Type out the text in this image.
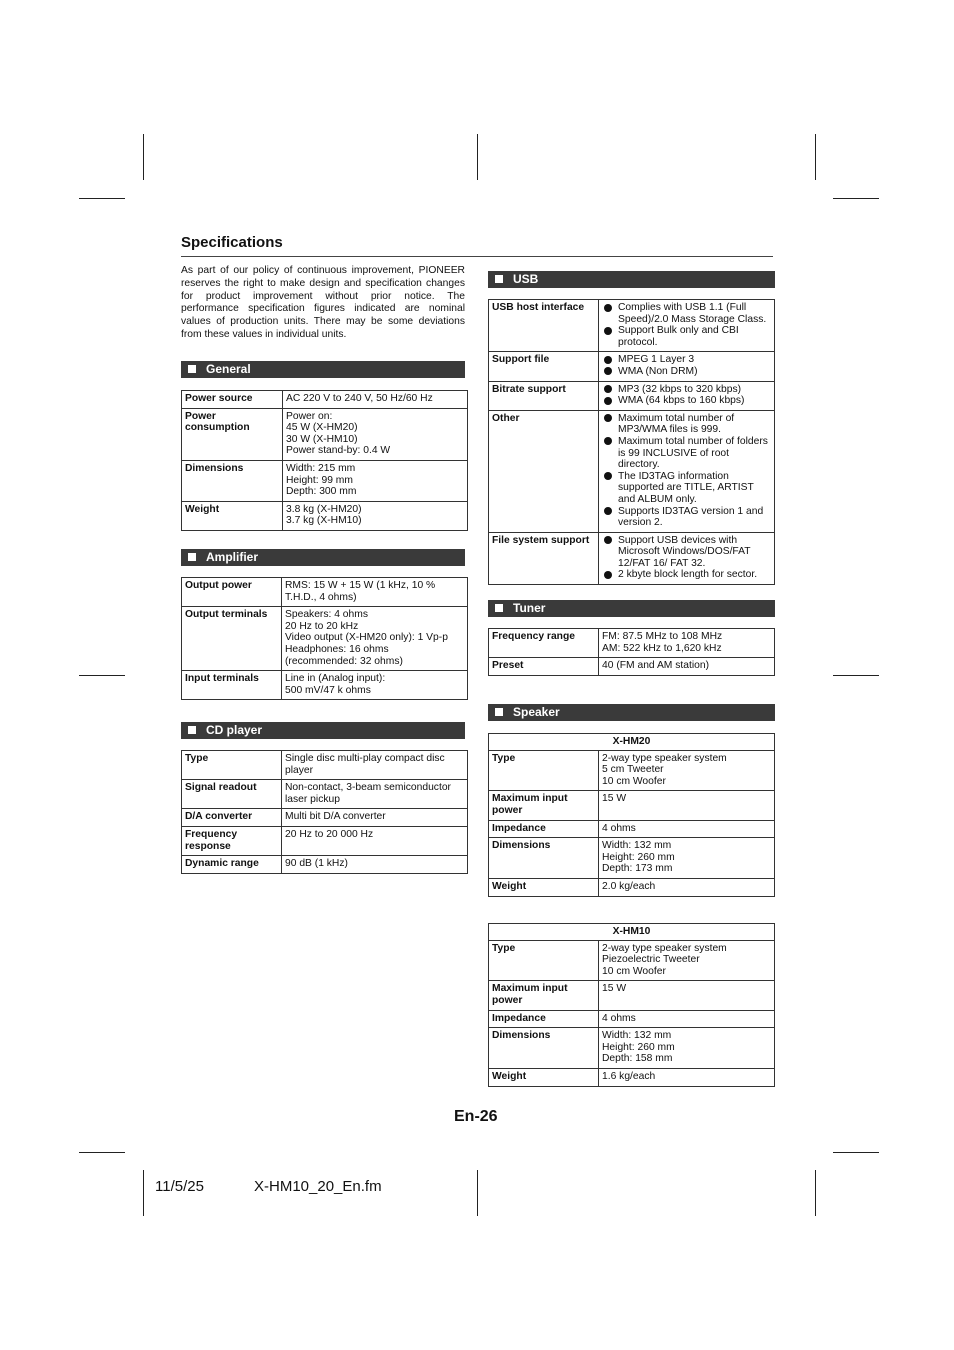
Specifications
As part of our policy of continuous improvement, PIONEER reserves the right to make design and specification changes for product improvement without prior notice. The performance specification figures indicated are nominal values of production units. There may be some deviations from these values in individual units.
General
Power source	AC 220 V to 240 V, 50 Hz/60 Hz

Power consumption	Power on:
45 W (X-HM20)
30 W (X-HM10)
Power stand-by: 0.4 W

Dimensions	Width: 215 mm
Height: 99 mm
Depth: 300 mm

Weight	3.8 kg (X-HM20)
3.7 kg (X-HM10)
Amplifier
Output power	RMS: 15 W + 15 W (1 kHz, 10 % T.H.D., 4 ohms)

Output terminals	Speakers: 4 ohms
20 Hz to 20 kHz
Video output (X-HM20 only): 1 Vp-p
Headphones: 16 ohms
(recommended: 32 ohms)

Input terminals	Line in (Analog input):
500 mV/47 k ohms
CD player
Type	Single disc multi-play compact disc player

Signal readout	Non-contact, 3-beam semiconductor laser pickup

D/A converter	Multi bit D/A converter

Frequency response	20 Hz to 20 000 Hz

Dynamic range	90 dB (1 kHz)
USB
USB host interface	Complies with USB 1.1 (Full Speed)/2.0 Mass Storage Class.
Support Bulk only and CBI protocol.

Support file	MPEG 1 Layer 3
WMA (Non DRM)

Bitrate support	MP3 (32 kbps to 320 kbps)
WMA (64 kbps to 160 kbps)

Other	Maximum total number of MP3/WMA files is 999.
Maximum total number of folders is 99 INCLUSIVE of root directory.
The ID3TAG information supported are TITLE, ARTIST and ALBUM only.
Supports ID3TAG version 1 and version 2.

File system support	Support USB devices with Microsoft Windows/DOS/FAT 12/FAT 16/ FAT 32.
2 kbyte block length for sector.
Tuner
Frequency range	FM: 87.5 MHz to 108 MHz
AM: 522 kHz to 1,620 kHz

Preset	40 (FM and AM station)
Speaker
X-HM20	
Type	2-way type speaker system
5 cm Tweeter
10 cm Woofer

Maximum input power	15 W

Impedance	4 ohms

Dimensions	Width: 132 mm
Height: 260 mm
Depth: 173 mm

Weight	2.0 kg/each
X-HM10	
Type	2-way type speaker system
Piezoelectric Tweeter
10 cm Woofer

Maximum input power	15 W

Impedance	4 ohms

Dimensions	Width: 132 mm
Height: 260 mm
Depth: 158 mm

Weight	1.6 kg/each
En-26
11/5/25	X-HM10_20_En.fm
